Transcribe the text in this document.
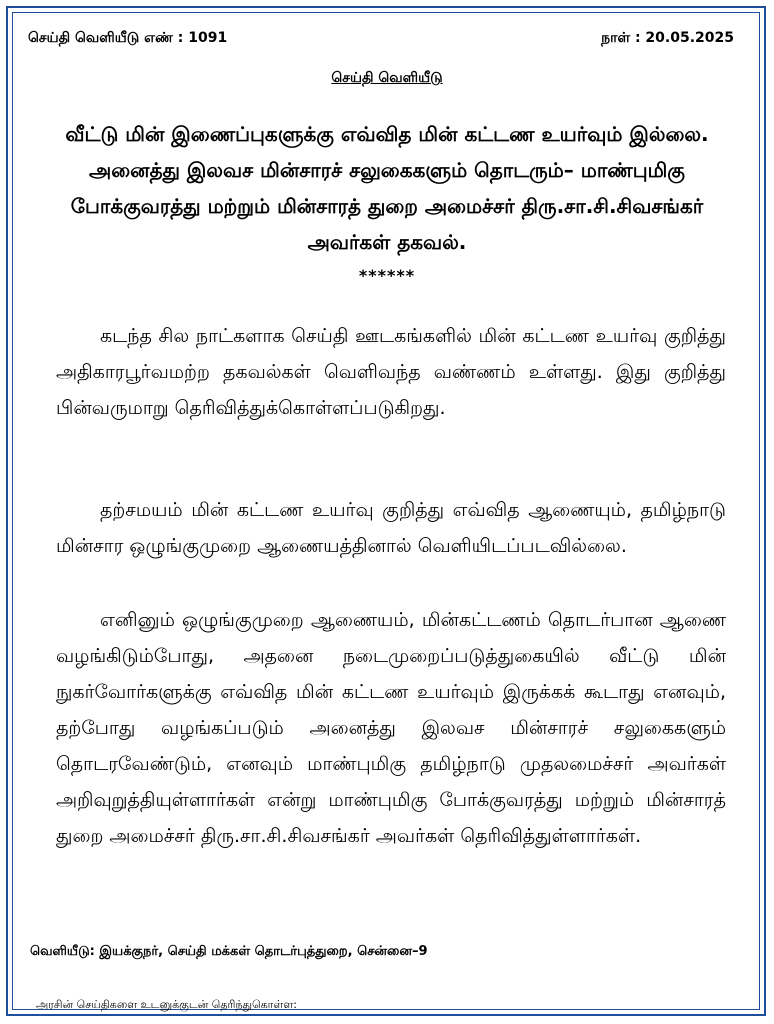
செய்தி வெளியீடு எண் : 1091	நாள் : 20.05.2025
செய்தி வெளியீடு
வீட்டு மின் இணைப்புகளுக்கு எவ்வித மின் கட்டண உயர்வும் இல்லை. அனைத்து இலவச மின்சாரச் சலுகைகளும் தொடரும்– மாண்புமிகு போக்குவரத்து மற்றும் மின்சாரத் துறை அமைச்சர் திரு.சா.சி.சிவசங்கர் அவர்கள் தகவல்.
******

கடந்த சில நாட்களாக செய்தி ஊடகங்களில் மின் கட்டண உயர்வு குறித்து அதிகாரபூர்வமற்ற தகவல்கள் வெளிவந்த வண்ணம் உள்ளது. இது குறித்து பின்வருமாறு தெரிவித்துக்கொள்ளப்படுகிறது.

தற்சமயம் மின் கட்டண உயர்வு குறித்து எவ்வித ஆணையும், தமிழ்நாடு மின்சார ஒழுங்குமுறை ஆணையத்தினால் வெளியிடப்படவில்லை.

எனினும் ஒழுங்குமுறை ஆணையம், மின்கட்டணம் தொடர்பான ஆணை வழங்கிடும்போது, அதனை நடைமுறைப்படுத்துகையில் வீட்டு மின் நுகர்வோர்களுக்கு எவ்வித மின் கட்டண உயர்வும் இருக்கக் கூடாது எனவும், தற்போது வழங்கப்படும் அனைத்து இலவச மின்சாரச் சலுகைகளும் தொடரவேண்டும், எனவும் மாண்புமிகு தமிழ்நாடு முதலமைச்சர் அவர்கள் அறிவுறுத்தியுள்ளார்கள் என்று மாண்புமிகு போக்குவரத்து மற்றும் மின்சாரத் துறை அமைச்சர் திரு.சா.சி.சிவசங்கர் அவர்கள் தெரிவித்துள்ளார்கள்.

வெளியீடு: இயக்குநர், செய்தி மக்கள் தொடர்புத்துறை, சென்னை–9
அரசின் செய்திகளை உடனுக்குடன் தெரிந்துகொள்ள:
